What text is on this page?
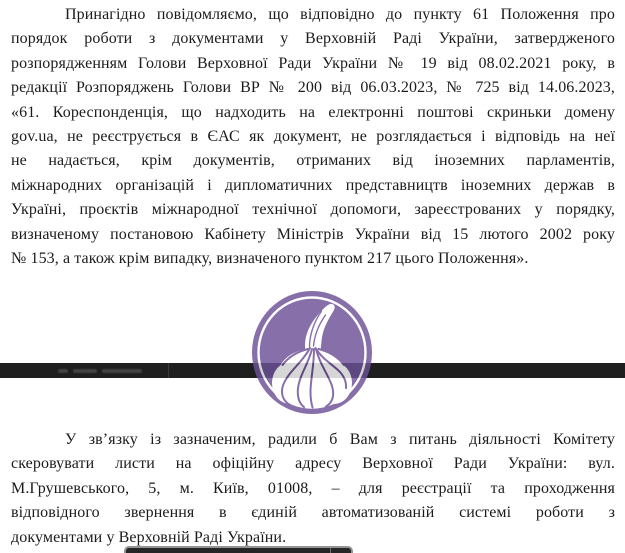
Принагідно повідомляємо, що відповідно до пункту 61 Положення про
порядок роботи з документами у Верховній Раді України, затвердженого
розпорядженням Голови Верховної Ради України № 19 від 08.02.2021 року, в
редакції Розпоряджень Голови ВР № 200 від 06.03.2023, № 725 від 14.06.2023,
«61. Кореспонденція, що надходить на електронні поштові скриньки домену
gov.ua, не реєструється в ЄАС як документ, не розглядається і відповідь на неї
не надається, крім документів, отриманих від іноземних парламентів,
міжнародних організацій і дипломатичних представництв іноземних держав в
Україні, проєктів міжнародної технічної допомоги, зареєстрованих у порядку,
визначеному постановою Кабінету Міністрів України від 15 лютого 2002 року
№ 153, а також крім випадку, визначеного пунктом 217 цього Положення».
У зв’язку із зазначеним, радили б Вам з питань діяльності Комітету
скеровувати листи на офіційну адресу Верховної Ради України: вул.
М.Грушевського, 5, м. Київ, 01008, – для реєстрації та проходження
відповідного звернення в єдиній автоматизованій системі роботи з
документами у Верховній Раді України.
